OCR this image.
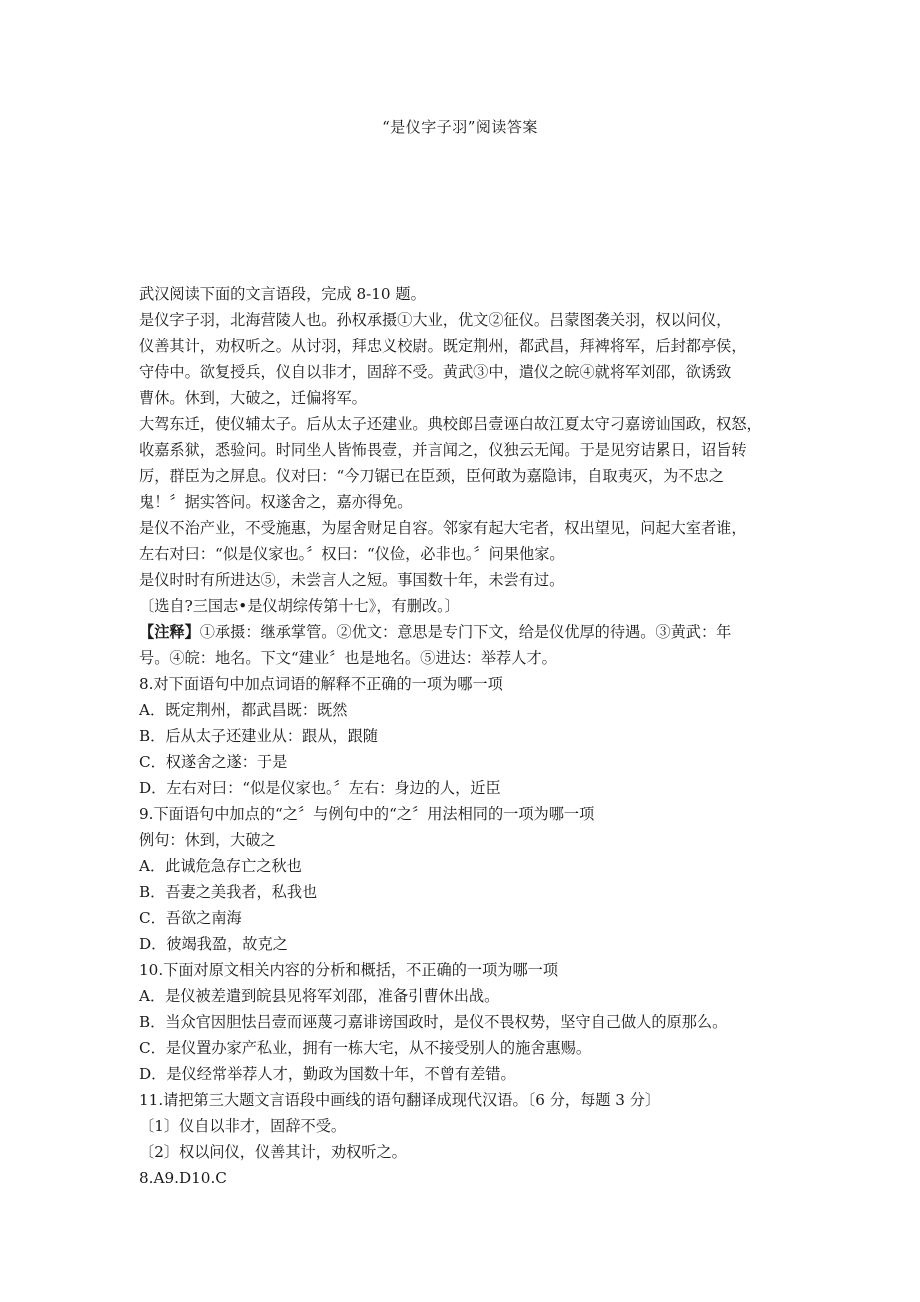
“是仪字子羽”阅读答案

武汉阅读下面的文言语段，完成 8-10 题。

是仪字子羽，北海营陵人也。孙权承摄①大业，优文②征仪。吕蒙图袭关羽，权以问仪，

仪善其计，劝权听之。从讨羽，拜忠义校尉。既定荆州，都武昌，拜裨将军，后封都亭侯，

守侍中。欲复授兵，仪自以非才，固辞不受。黄武③中，遣仪之皖④就将军刘邵，欲诱致

曹休。休到，大破之，迁偏将军。

大驾东迁，使仪辅太子。后从太子还建业。典校郎吕壹诬白故江夏太守刁嘉谤讪国政，权怒，

收嘉系狱，悉验问。时同坐人皆怖畏壹，并言闻之，仪独云无闻。于是见穷诘累日，诏旨转

厉，群臣为之屏息。仪对曰：“今刀锯已在臣颈，臣何敢为嘉隐讳，自取夷灭，为不忠之

鬼！〞据实答问。权遂舍之，嘉亦得免。

是仪不治产业，不受施惠，为屋舍财足自容。邻家有起大宅者，权出望见，问起大室者谁，

左右对曰：“似是仪家也。〞权曰：“仪俭，必非也。〞问果他家。

是仪时时有所进达⑤，未尝言人之短。事国数十年，未尝有过。

〔选自?三国志•是仪胡综传第十七》，有删改。〕

【注释】①承摄：继承掌管。②优文：意思是专门下文，给是仪优厚的待遇。③黄武：年

号。④皖：地名。下文“建业〞也是地名。⑤进达：举荐人才。

8.对下面语句中加点词语的解释不正确的一项为哪一项

A．既定荆州，都武昌既：既然

B．后从太子还建业从：跟从，跟随

C．权遂舍之遂：于是

D．左右对曰：“似是仪家也。〞左右：身边的人，近臣

9.下面语句中加点的“之〞与例句中的“之〞用法相同的一项为哪一项

例句：休到，大破之

A．此诚危急存亡之秋也

B．吾妻之美我者，私我也

C．吾欲之南海

D．彼竭我盈，故克之

10.下面对原文相关内容的分析和概括，不正确的一项为哪一项

A．是仪被差遣到皖县见将军刘邵，准备引曹休出战。

B．当众官因胆怯吕壹而诬蔑刁嘉诽谤国政时，是仪不畏权势，坚守自己做人的原那么。

C．是仪置办家产私业，拥有一栋大宅，从不接受别人的施舍惠赐。

D．是仪经常举荐人才，勤政为国数十年，不曾有差错。

11.请把第三大题文言语段中画线的语句翻译成现代汉语。〔6 分，每题 3 分〕

〔1〕仪自以非才，固辞不受。

〔2〕权以问仪，仪善其计，劝权听之。

8.A9.D10.C
